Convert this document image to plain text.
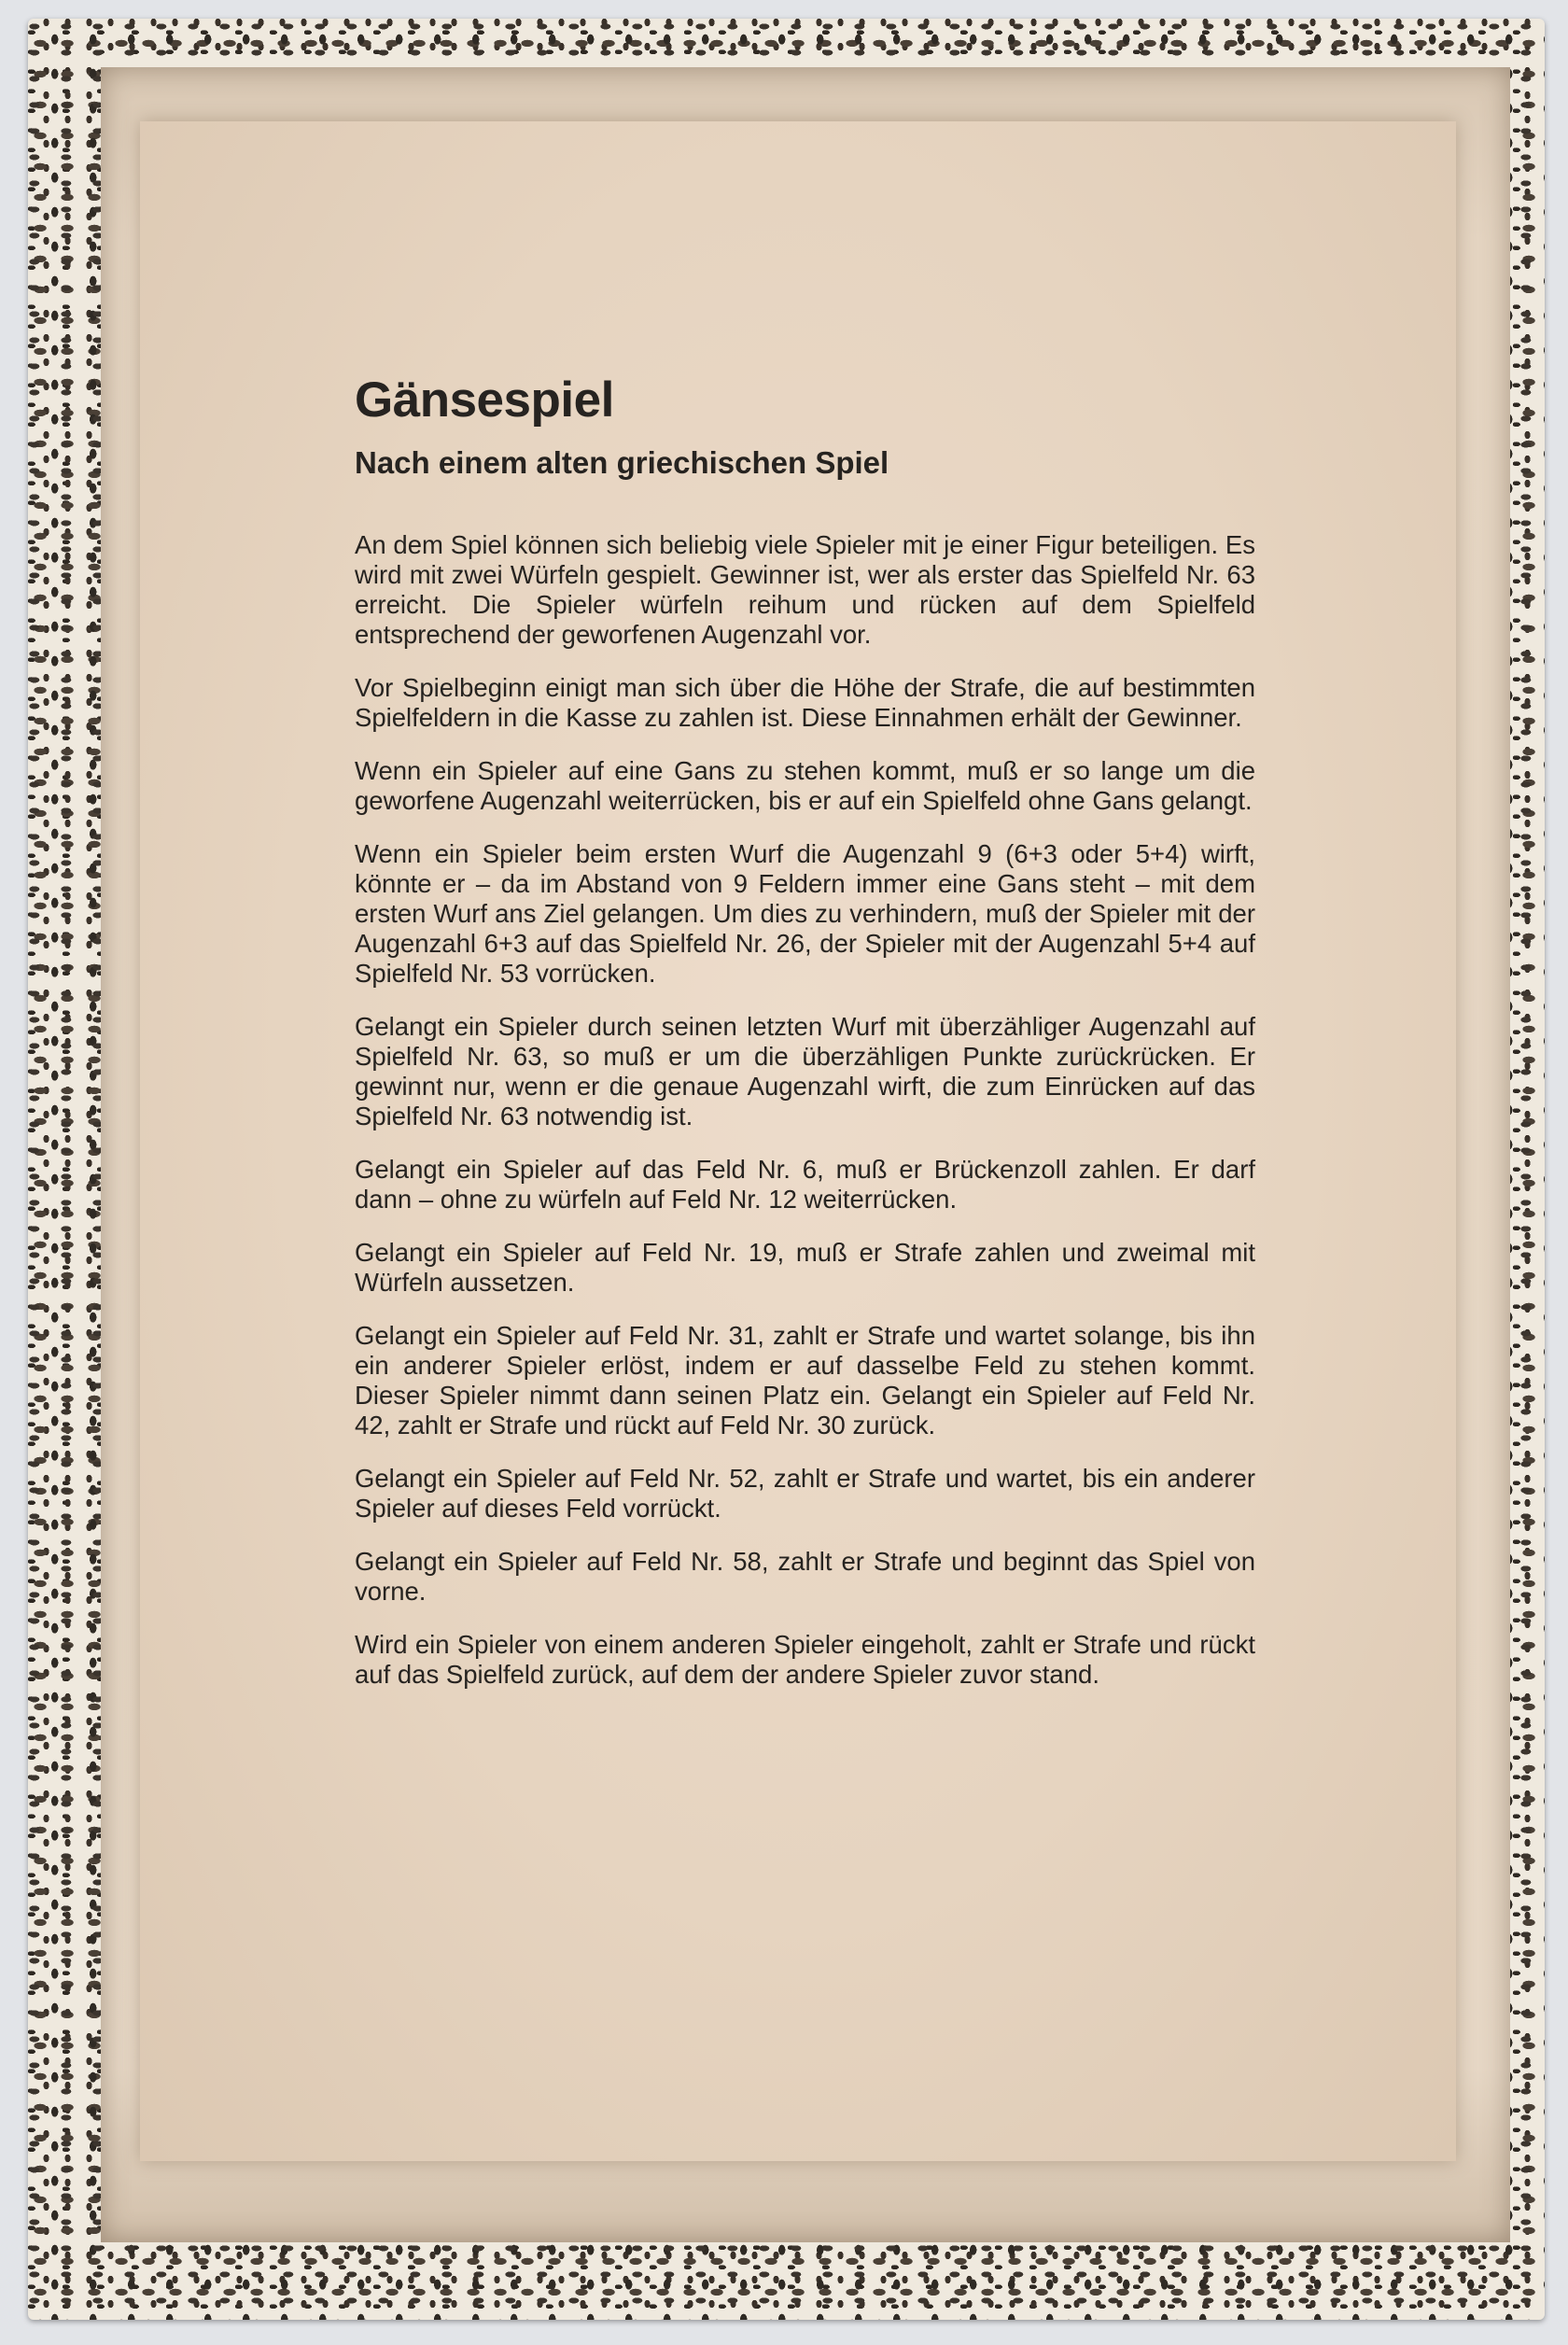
Gänsespiel
Nach einem alten griechischen Spiel

An dem Spiel können sich beliebig viele Spieler mit je einer Figur beteiligen. Es wird mit zwei Würfeln gespielt. Gewinner ist, wer als erster das Spielfeld Nr. 63 erreicht. Die Spieler würfeln reihum und rücken auf dem Spielfeld entsprechend der geworfenen Augenzahl vor.

Vor Spielbeginn einigt man sich über die Höhe der Strafe, die auf bestimmten Spielfeldern in die Kasse zu zahlen ist. Diese Einnahmen erhält der Gewinner.

Wenn ein Spieler auf eine Gans zu stehen kommt, muß er so lange um die geworfene Augenzahl weiterrücken, bis er auf ein Spielfeld ohne Gans gelangt.

Wenn ein Spieler beim ersten Wurf die Augenzahl 9 (6+3 oder 5+4) wirft, könnte er – da im Abstand von 9 Feldern immer eine Gans steht – mit dem ersten Wurf ans Ziel gelangen. Um dies zu verhindern, muß der Spieler mit der Augenzahl 6+3 auf das Spielfeld Nr. 26, der Spieler mit der Augenzahl 5+4 auf Spielfeld Nr. 53 vorrücken.

Gelangt ein Spieler durch seinen letzten Wurf mit überzähliger Augenzahl auf Spielfeld Nr. 63, so muß er um die überzähligen Punkte zurückrücken. Er gewinnt nur, wenn er die genaue Augenzahl wirft, die zum Einrücken auf das Spielfeld Nr. 63 notwendig ist.

Gelangt ein Spieler auf das Feld Nr. 6, muß er Brückenzoll zahlen. Er darf dann – ohne zu würfeln auf Feld Nr. 12 weiterrücken.

Gelangt ein Spieler auf Feld Nr. 19, muß er Strafe zahlen und zweimal mit Würfeln aussetzen.

Gelangt ein Spieler auf Feld Nr. 31, zahlt er Strafe und wartet solange, bis ihn ein anderer Spieler erlöst, indem er auf dasselbe Feld zu stehen kommt. Dieser Spieler nimmt dann seinen Platz ein. Gelangt ein Spieler auf Feld Nr. 42, zahlt er Strafe und rückt auf Feld Nr. 30 zurück.

Gelangt ein Spieler auf Feld Nr. 52, zahlt er Strafe und wartet, bis ein anderer Spieler auf dieses Feld vorrückt.

Gelangt ein Spieler auf Feld Nr. 58, zahlt er Strafe und beginnt das Spiel von vorne.

Wird ein Spieler von einem anderen Spieler eingeholt, zahlt er Strafe und rückt auf das Spielfeld zurück, auf dem der andere Spieler zuvor stand.
